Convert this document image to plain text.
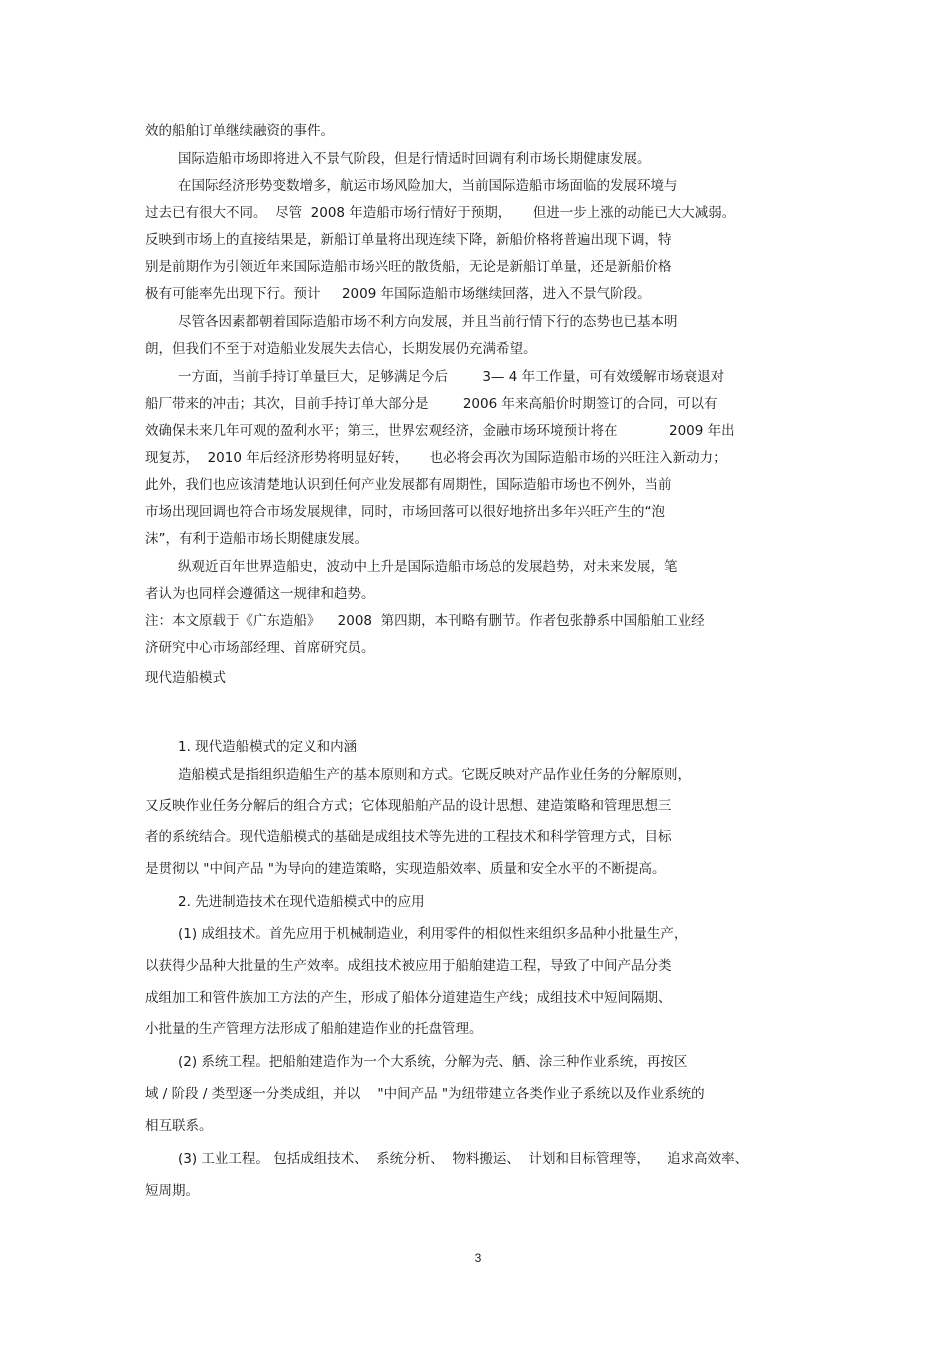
效的船舶订单继续融资的事件。

国际造船市场即将进入不景气阶段，但是行情适时回调有利市场长期健康发展。

在国际经济形势变数增多，航运市场风险加大，当前国际造船市场面临的发展环境与

过去已有很大不同。  尽管  2008 年造船市场行情好于预期，     但进一步上涨的动能已大大减弱。

反映到市场上的直接结果是，新船订单量将出现连续下降，新船价格将普遍出现下调，特

别是前期作为引领近年来国际造船市场兴旺的散货船，无论是新船订单量，还是新船价格

极有可能率先出现下行。预计     2009 年国际造船市场继续回落，进入不景气阶段。

尽管各因素都朝着国际造船市场不利方向发展，并且当前行情下行的态势也已基本明

朗，但我们不至于对造船业发展失去信心，长期发展仍充满希望。

一方面，当前手持订单量巨大，足够满足今后        3— 4 年工作量，可有效缓解市场衰退对

船厂带来的冲击；其次，目前手持订单大部分是        2006 年来高船价时期签订的合同，可以有

效确保未来几年可观的盈利水平；第三，世界宏观经济，金融市场环境预计将在            2009 年出

现复苏，  2010 年后经济形势将明显好转，     也必将会再次为国际造船市场的兴旺注入新动力；

此外，我们也应该清楚地认识到任何产业发展都有周期性，国际造船市场也不例外，当前

市场出现回调也符合市场发展规律，同时，市场回落可以很好地挤出多年兴旺产生的“泡

沫”，有利于造船市场长期健康发展。

纵观近百年世界造船史，波动中上升是国际造船市场总的发展趋势，对未来发展，笔

者认为也同样会遵循这一规律和趋势。

注：本文原载于《广东造船》    2008  第四期，本刊略有删节。作者包张静系中国船舶工业经

济研究中心市场部经理、首席研究员。

现代造船模式

1. 现代造船模式的定义和内涵

造船模式是指组织造船生产的基本原则和方式。它既反映对产品作业任务的分解原则，

又反映作业任务分解后的组合方式；它体现船舶产品的设计思想、建造策略和管理思想三

者的系统结合。现代造船模式的基础是成组技术等先进的工程技术和科学管理方式，目标

是贯彻以 "中间产品 "为导向的建造策略，实现造船效率、质量和安全水平的不断提高。

2. 先进制造技术在现代造船模式中的应用

(1) 成组技术。首先应用于机械制造业，利用零件的相似性来组织多品种小批量生产，

以获得少品种大批量的生产效率。成组技术被应用于船舶建造工程，导致了中间产品分类

成组加工和管件族加工方法的产生，形成了船体分道建造生产线；成组技术中短间隔期、

小批量的生产管理方法形成了船舶建造作业的托盘管理。

(2) 系统工程。把船舶建造作为一个大系统，分解为壳、舾、涂三种作业系统，再按区

域 / 阶段 / 类型逐一分类成组，并以    "中间产品 "为纽带建立各类作业子系统以及作业系统的

相互联系。

(3) 工业工程。 包括成组技术、  系统分析、  物料搬运、  计划和目标管理等，    追求高效率、

短周期。

3
